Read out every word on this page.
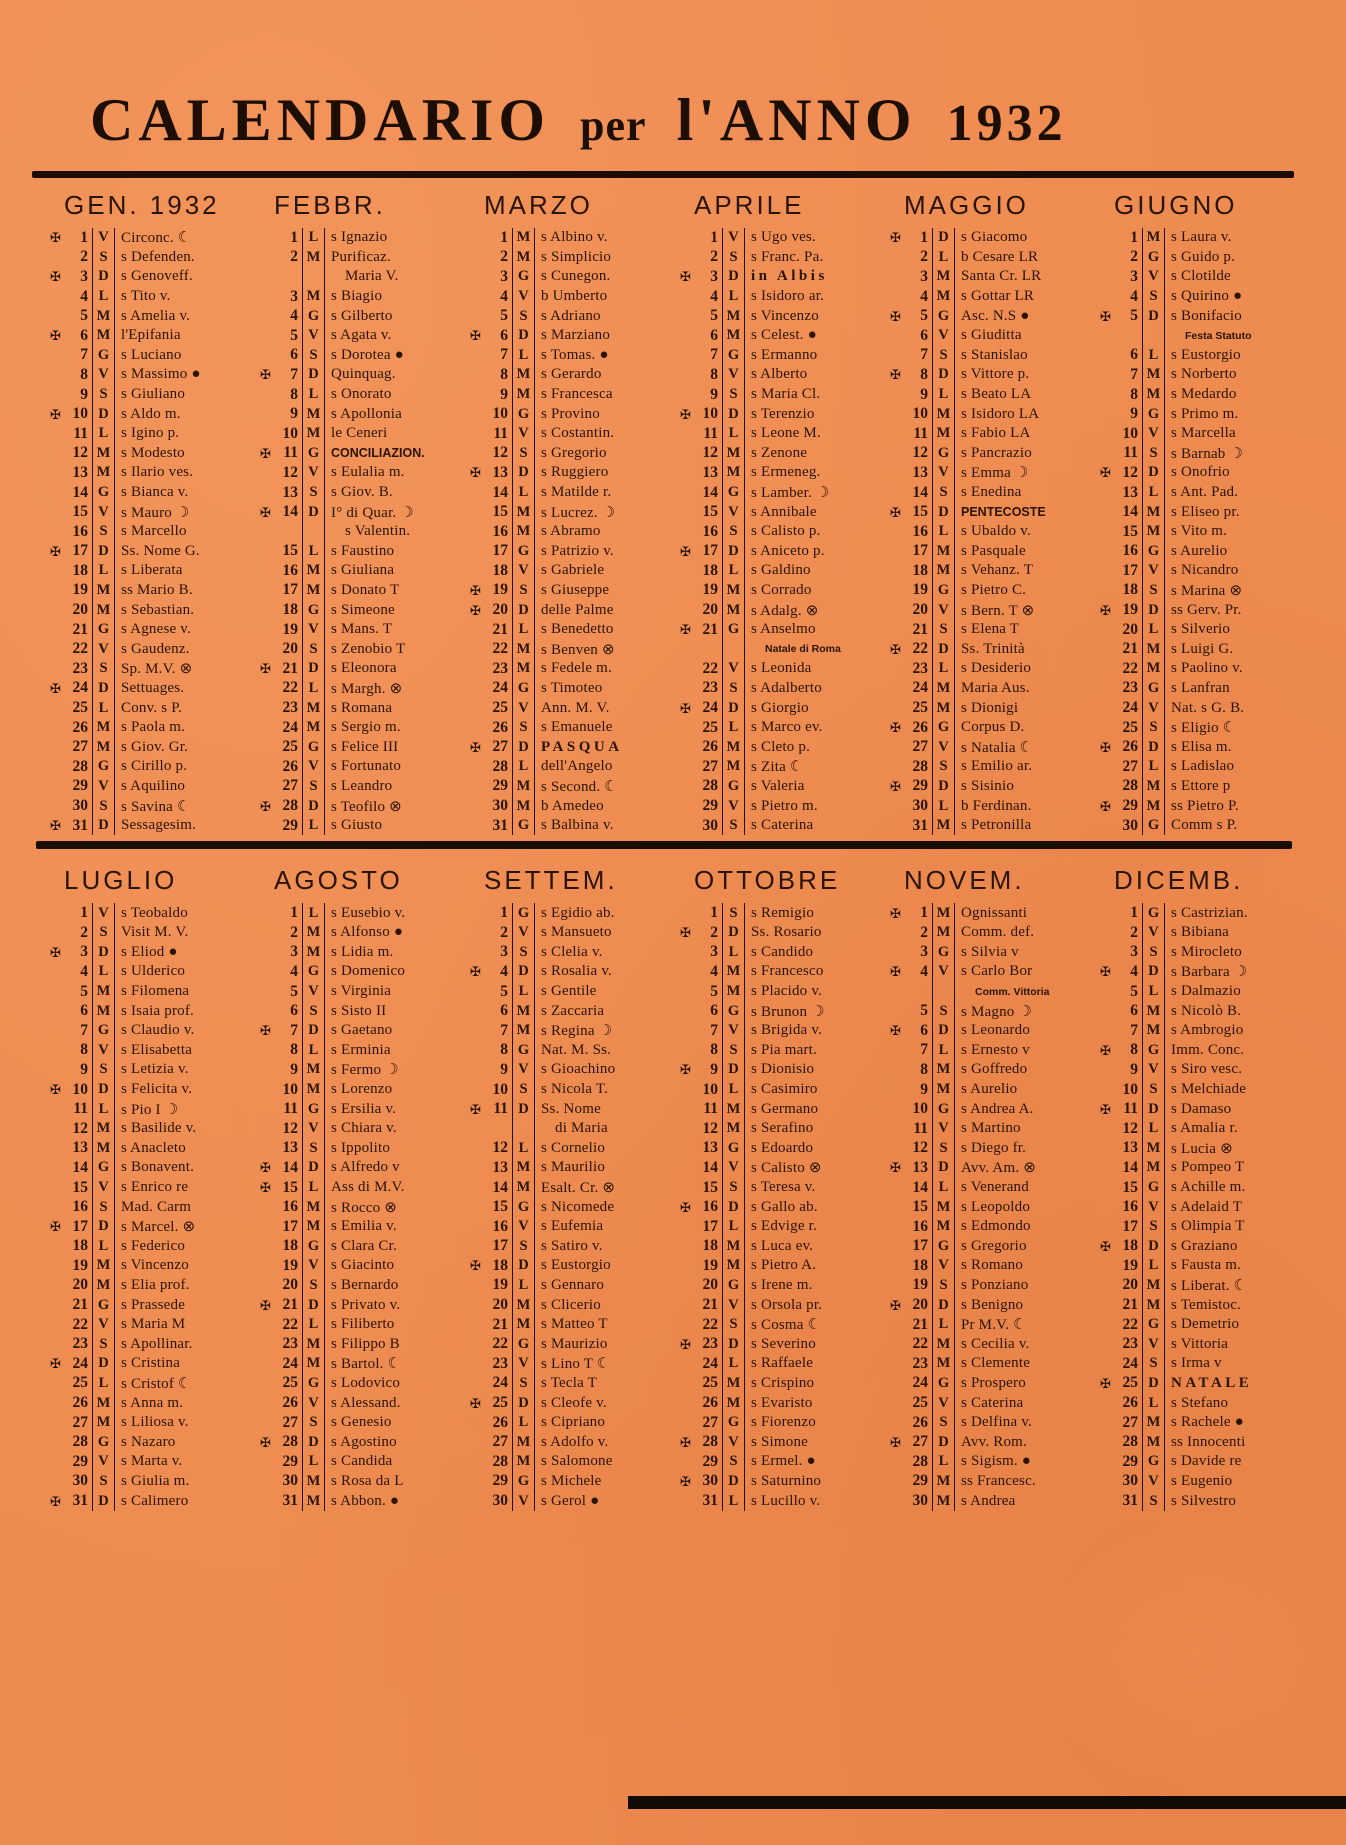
CALENDARIO per l'ANNO 1932
GEN. 1932
✠	1 V Circonc. ☾
2 S s Defenden.
✠	3 D s Genoveff.
4 L s Tito v.
5 M s Amelia v.
✠	6 M l'Epifania
7 G s Luciano
8 V s Massimo ●
9 S s Giuliano
✠ 10 D s Aldo m.
11 L s Igino p.
12 M s Modesto
13 M s Ilario ves.
14 G s Bianca v.
15 V s Mauro ☽
16 S s Marcello
✠ 17 D Ss. Nome G.
18 L s Liberata
19 M ss Mario B.
20 M s Sebastian.
21 G s Agnese v.
22 V s Gaudenz.
23 S Sp. M.V. ⊗
✠ 24 D Settuages.
25 L Conv. s P.
26 M s Paola m.
27 M s Giov. Gr.
28 G s Cirillo p.
29 V s Aquilino
30 S s Savina ☾
✠ 31 D Sessagesim.
FEBBR.
1 L s Ignazio
2 M Purificaz.
Maria V.
3 M s Biagio
4 G s Gilberto
5 V s Agata v.
6 S s Dorotea ●
✠	7 D Quinquag.
8 L s Onorato
9 M s Apollonia
10 M le Ceneri
✠ 11 G CONCILIAZION.
12 V s Eulalia m.
13 S s Giov. B.
✠ 14 D I° di Quar. ☽
s Valentin.
15 L s Faustino
16 M s Giuliana
17 M s Donato T
18 G s Simeone
19 V s Mans. T
20 S s Zenobio T
✠ 21 D s Eleonora
22 L s Margh. ⊗
23 M s Romana
24 M s Sergio m.
25 G s Felice III
26 V s Fortunato
27 S s Leandro
✠ 28 D s Teofilo ⊗
29 L s Giusto
MARZO
1 M s Albino v.
2 M s Simplicio
3 G s Cunegon.
4 V b Umberto
5 S s Adriano
✠	6 D s Marziano
7 L s Tomas. ●
8 M s Gerardo
9 M s Francesca
10 G s Provino
11 V s Costantin.
12 S s Gregorio
✠ 13 D s Ruggiero
14 L s Matilde r.
15 M s Lucrez. ☽
16 M s Abramo
17 G s Patrizio v.
18 V s Gabriele
✠ 19 S s Giuseppe
✠ 20 D delle Palme
21 L s Benedetto
22 M s Benven ⊗
23 M s Fedele m.
24 G s Timoteo
25 V Ann. M. V.
26 S s Emanuele
✠ 27 D PASQUA
28 L dell'Angelo
29 M s Second. ☾
30 M b Amedeo
31 G s Balbina v.
APRILE
1 V s Ugo ves.
2 S s Franc. Pa.
✠	3 D in Albis
4 L s Isidoro ar.
5 M s Vincenzo
6 M s Celest. ●
7 G s Ermanno
8 V s Alberto
9 S s Maria Cl.
✠ 10 D s Terenzio
11 L s Leone M.
12 M s Zenone
13 M s Ermeneg.
14 G s Lamber. ☽
15 V s Annibale
16 S s Calisto p.
✠ 17 D s Aniceto p.
18 L s Galdino
19 M s Corrado
20 M s Adalg. ⊗
✠ 21 G s Anselmo
Natale di Roma
22 V s Leonida
23 S s Adalberto
✠ 24 D s Giorgio
25 L s Marco ev.
26 M s Cleto p.
27 M s Zita ☾
28 G s Valeria
29 V s Pietro m.
30 S s Caterina
MAGGIO
✠	1 D s Giacomo
2 L b Cesare LR
3 M Santa Cr. LR
4 M s Gottar LR
✠	5 G Asc. N.S ●
6 V s Giuditta
7 S s Stanislao
✠	8 D s Vittore p.
9 L s Beato LA
10 M s Isidoro LA
11 M s Fabio LA
12 G s Pancrazio
13 V s Emma ☽
14 S s Enedina
✠ 15 D PENTECOSTE
16 L s Ubaldo v.
17 M s Pasquale
18 M s Vehanz. T
19 G s Pietro C.
20 V s Bern. T ⊗
21 S s Elena T
✠ 22 D Ss. Trinità
23 L s Desiderio
24 M Maria Aus.
25 M s Dionigi
✠ 26 G Corpus D.
27 V s Natalia ☾
28 S s Emilio ar.
✠ 29 D s Sisinio
30 L b Ferdinan.
31 M s Petronilla
GIUGNO
1 M s Laura v.
2 G s Guido p.
3 V s Clotilde
4 S s Quirino ●
✠	5 D s Bonifacio
Festa Statuto
6 L s Eustorgio
7 M s Norberto
8 M s Medardo
9 G s Primo m.
10 V s Marcella
11 S s Barnab ☽
✠ 12 D s Onofrio
13 L s Ant. Pad.
14 M s Eliseo pr.
15 M s Vito m.
16 G s Aurelio
17 V s Nicandro
18 S s Marina ⊗
✠ 19 D ss Gerv. Pr.
20 L s Silverio
21 M s Luigi G.
22 M s Paolino v.
23 G s Lanfran
24 V Nat. s G. B.
25 S s Eligio ☾
✠ 26 D s Elisa m.
27 L s Ladislao
28 M s Ettore p
✠ 29 M ss Pietro P.
30 G Comm s P.
LUGLIO
1 V s Teobaldo
2 S Visit M. V.
✠	3 D s Eliod ●
4 L s Ulderico
5 M s Filomena
6 M s Isaia prof.
7 G s Claudio v.
8 V s Elisabetta
9 S s Letizia v.
✠ 10 D s Felicita v.
11 L s Pio I ☽
12 M s Basilide v.
13 M s Anacleto
14 G s Bonavent.
15 V s Enrico re
16 S Mad. Carm
✠ 17 D s Marcel. ⊗
18 L s Federico
19 M s Vincenzo
20 M s Elia prof.
21 G s Prassede
22 V s Maria M
23 S s Apollinar.
✠ 24 D s Cristina
25 L s Cristof ☾
26 M s Anna m.
27 M s Liliosa v.
28 G s Nazaro
29 V s Marta v.
30 S s Giulia m.
✠ 31 D s Calimero
AGOSTO
1 L s Eusebio v.
2 M s Alfonso ●
3 M s Lidia m.
4 G s Domenico
5 V s Virginia
6 S s Sisto II
✠	7 D s Gaetano
8 L s Erminia
9 M s Fermo ☽
10 M s Lorenzo
11 G s Ersilia v.
12 V s Chiara v.
13 S s Ippolito
✠ 14 D s Alfredo v
✠ 15 L Ass di M.V.
16 M s Rocco ⊗
17 M s Emilia v.
18 G s Clara Cr.
19 V s Giacinto
20 S s Bernardo
✠ 21 D s Privato v.
22 L s Filiberto
23 M s Filippo B
24 M s Bartol. ☾
25 G s Lodovico
26 V s Alessand.
27 S s Genesio
✠ 28 D s Agostino
29 L s Candida
30 M s Rosa da L
31 M s Abbon. ●
SETTEM.
1 G s Egidio ab.
2 V s Mansueto
3 S s Clelia v.
✠	4 D s Rosalia v.
5 L s Gentile
6 M s Zaccaria
7 M s Regina ☽
8 G Nat. M. Ss.
9 V s Gioachino
10 S s Nicola T.
✠ 11 D Ss. Nome
di Maria
12 L s Cornelio
13 M s Maurilio
14 M Esalt. Cr. ⊗
15 G s Nicomede
16 V s Eufemia
17 S s Satiro v.
✠ 18 D s Eustorgio
19 L s Gennaro
20 M s Clicerio
21 M s Matteo T
22 G s Maurizio
23 V s Lino T ☾
24 S s Tecla T
✠ 25 D s Cleofe v.
26 L s Cipriano
27 M s Adolfo v.
28 M s Salomone
29 G s Michele
30 V s Gerol ●
OTTOBRE
1 S s Remigio
✠	2 D Ss. Rosario
3 L s Candido
4 M s Francesco
5 M s Placido v.
6 G s Brunon ☽
7 V s Brigida v.
8 S s Pia mart.
✠	9 D s Dionisio
10 L s Casimiro
11 M s Germano
12 M s Serafino
13 G s Edoardo
14 V s Calisto ⊗
15 S s Teresa v.
✠ 16 D s Gallo ab.
17 L s Edvige r.
18 M s Luca ev.
19 M s Pietro A.
20 G s Irene m.
21 V s Orsola pr.
22 S s Cosma ☾
✠ 23 D s Severino
24 L s Raffaele
25 M s Crispino
26 M s Evaristo
27 G s Fiorenzo
✠ 28 V s Simone
29 S s Ermel. ●
✠ 30 D s Saturnino
31 L s Lucillo v.
NOVEM.
✠	1 M Ognissanti
2 M Comm. def.
3 G s Silvia v
✠	4 V s Carlo Bor
Comm. Vittoria
5 S s Magno ☽
✠	6 D s Leonardo
7 L s Ernesto v
8 M s Goffredo
9 M s Aurelio
10 G s Andrea A.
11 V s Martino
12 S s Diego fr.
✠ 13 D Avv. Am. ⊗
14 L s Venerand
15 M s Leopoldo
16 M s Edmondo
17 G s Gregorio
18 V s Romano
19 S s Ponziano
✠ 20 D s Benigno
21 L Pr M.V. ☾
22 M s Cecilia v.
23 M s Clemente
24 G s Prospero
25 V s Caterina
26 S s Delfina v.
✠ 27 D Avv. Rom.
28 L s Sigism. ●
29 M ss Francesc.
30 M s Andrea
DICEMB.
1 G s Castrizian.
2 V s Bibiana
3 S s Mirocleto
✠	4 D s Barbara ☽
5 L s Dalmazio
6 M s Nicolò B.
7 M s Ambrogio
✠	8 G Imm. Conc.
9 V s Siro vesc.
10 S s Melchiade
✠ 11 D s Damaso
12 L s Amalia r.
13 M s Lucia ⊗
14 M s Pompeo T
15 G s Achille m.
16 V s Adelaid T
17 S s Olimpia T
✠ 18 D s Graziano
19 L s Fausta m.
20 M s Liberat. ☾
21 M s Temistoc.
22 G s Demetrio
23 V s Vittoria
24 S s Irma v
✠ 25 D NATALE
26 L s Stefano
27 M s Rachele ●
28 M ss Innocenti
29 G s Davide re
30 V s Eugenio
31 S s Silvestro
